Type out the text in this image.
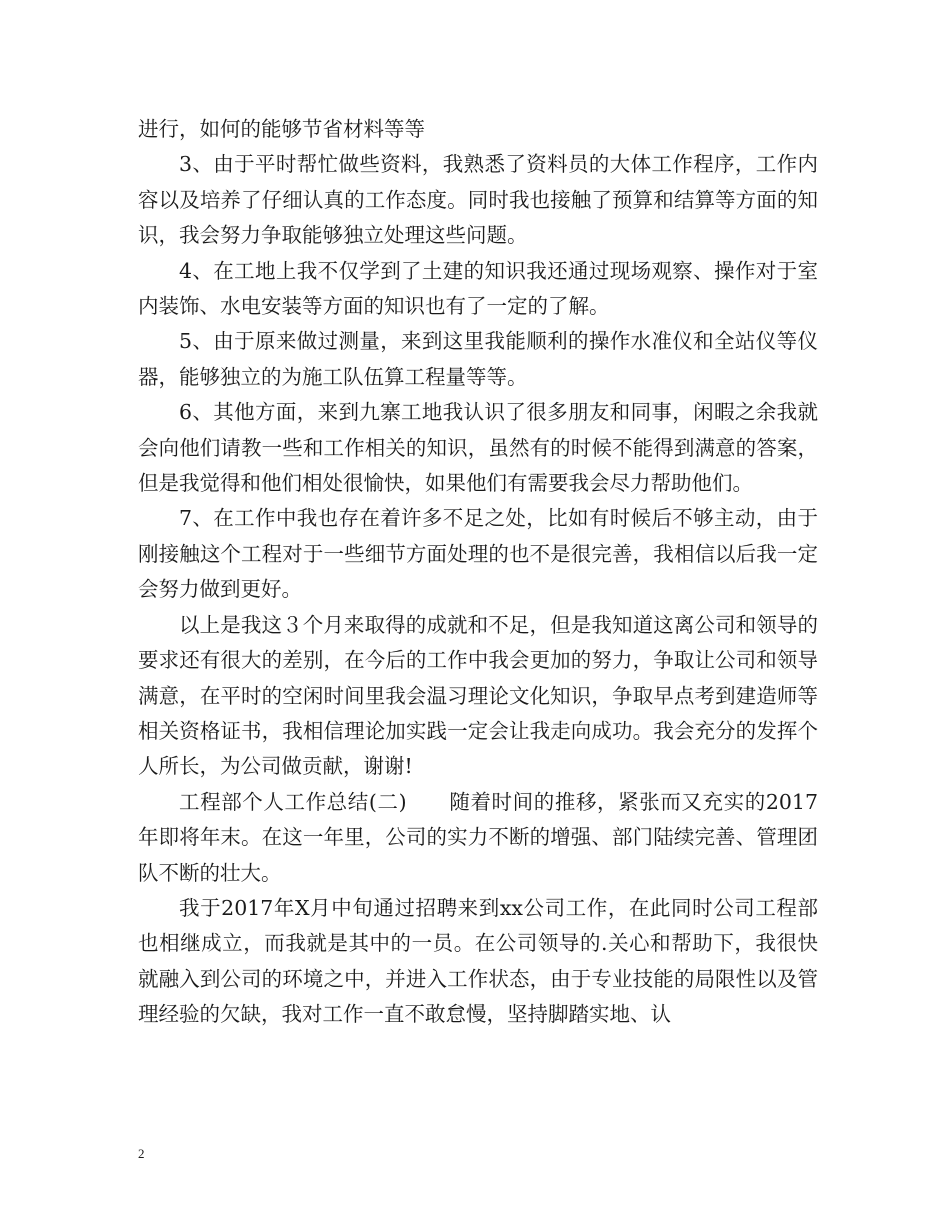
进行，如何的能够节省材料等等

3、由于平时帮忙做些资料，我熟悉了资料员的大体工作程序，工作内容以及培养了仔细认真的工作态度。同时我也接触了预算和结算等方面的知识，我会努力争取能够独立处理这些问题。

4、在工地上我不仅学到了土建的知识我还通过现场观察、操作对于室内装饰、水电安装等方面的知识也有了一定的了解。

5、由于原来做过测量，来到这里我能顺利的操作水准仪和全站仪等仪器，能够独立的为施工队伍算工程量等等。

6、其他方面，来到九寨工地我认识了很多朋友和同事，闲暇之余我就会向他们请教一些和工作相关的知识，虽然有的时候不能得到满意的答案，但是我觉得和他们相处很愉快，如果他们有需要我会尽力帮助他们。

7、在工作中我也存在着许多不足之处，比如有时候后不够主动，由于刚接触这个工程对于一些细节方面处理的也不是很完善，我相信以后我一定会努力做到更好。

以上是我这３个月来取得的成就和不足，但是我知道这离公司和领导的要求还有很大的差别，在今后的工作中我会更加的努力，争取让公司和领导满意，在平时的空闲时间里我会温习理论文化知识，争取早点考到建造师等相关资格证书，我相信理论加实践一定会让我走向成功。我会充分的发挥个人所长，为公司做贡献，谢谢!

工程部个人工作总结(二)　　随着时间的推移，紧张而又充实的2017年即将年末。在这一年里，公司的实力不断的增强、部门陆续完善、管理团队不断的壮大。

我于2017年X月中旬通过招聘来到xx公司工作，在此同时公司工程部也相继成立，而我就是其中的一员。在公司领导的.关心和帮助下，我很快就融入到公司的环境之中，并进入工作状态，由于专业技能的局限性以及管理经验的欠缺，我对工作一直不敢怠慢，坚持脚踏实地、认

2
